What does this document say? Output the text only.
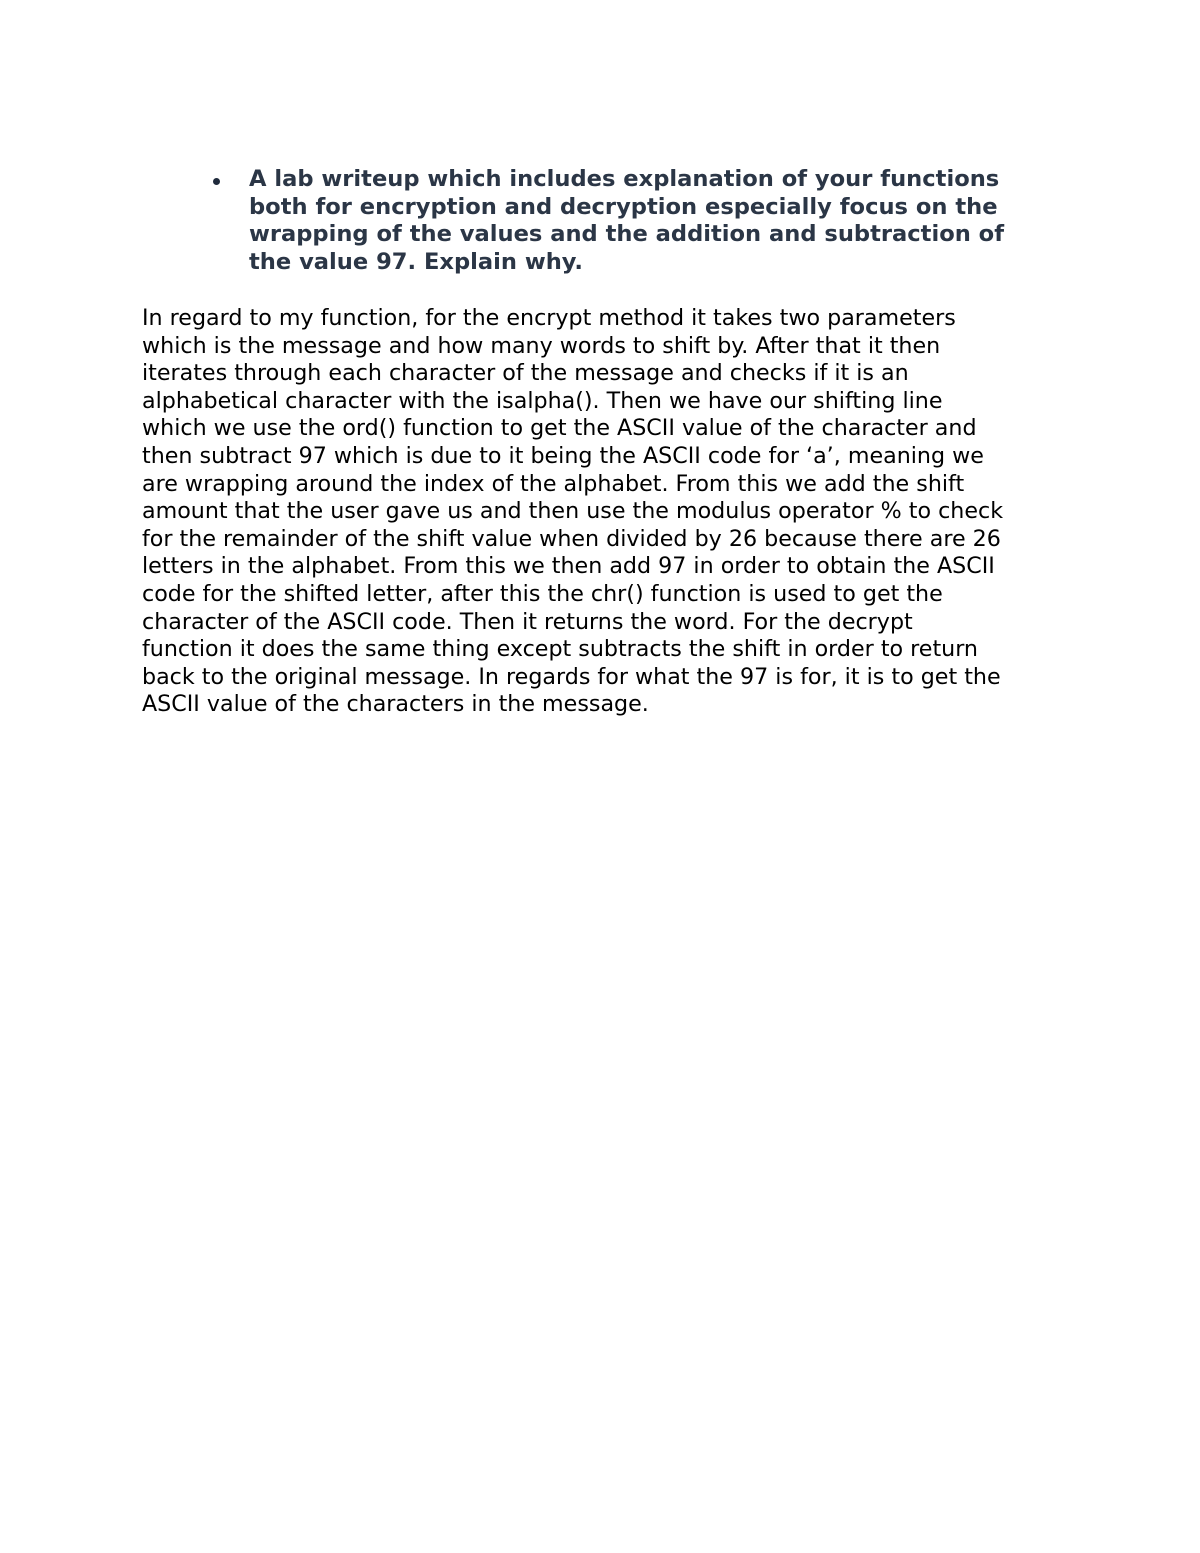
A lab writeup which includes explanation of your functions
both for encryption and decryption especially focus on the
wrapping of the values and the addition and subtraction of
the value 97. Explain why.

In regard to my function, for the encrypt method it takes two parameters
which is the message and how many words to shift by. After that it then
iterates through each character of the message and checks if it is an
alphabetical character with the isalpha(). Then we have our shifting line
which we use the ord() function to get the ASCII value of the character and
then subtract 97 which is due to it being the ASCII code for ‘a’, meaning we
are wrapping around the index of the alphabet. From this we add the shift
amount that the user gave us and then use the modulus operator % to check
for the remainder of the shift value when divided by 26 because there are 26
letters in the alphabet. From this we then add 97 in order to obtain the ASCII
code for the shifted letter, after this the chr() function is used to get the
character of the ASCII code. Then it returns the word. For the decrypt
function it does the same thing except subtracts the shift in order to return
back to the original message. In regards for what the 97 is for, it is to get the
ASCII value of the characters in the message.
